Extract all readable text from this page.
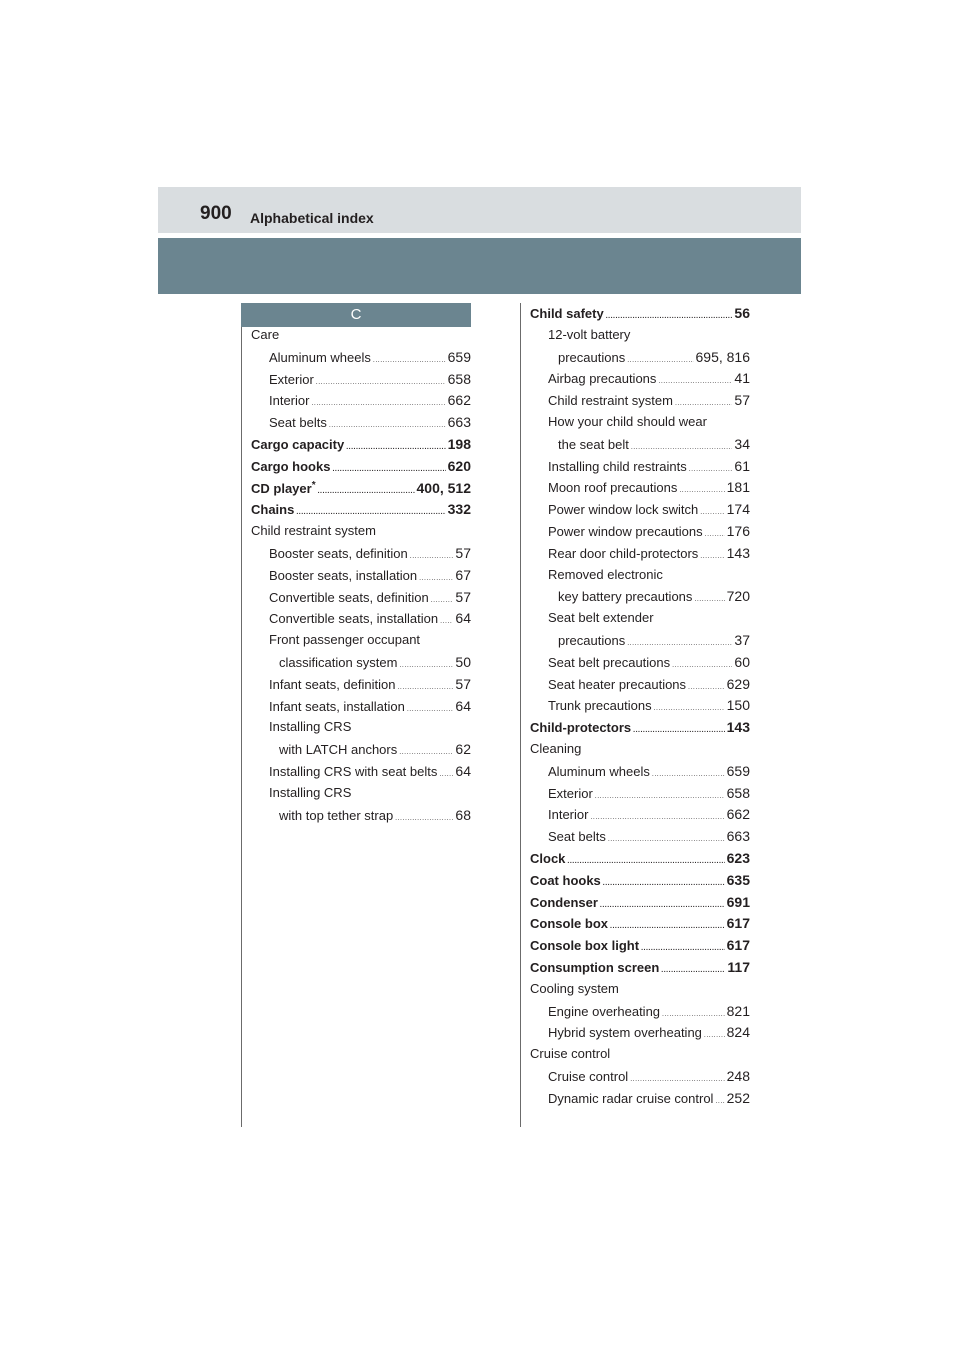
900 Alphabetical index
C
Care
Aluminum wheels .....	659
Exterior .....	658
Interior .....	662
Seat belts .....	663
Cargo capacity .....	198
Cargo hooks .....	620
CD player* .....	400, 512
Chains .....	332
Child restraint system
Booster seats, definition .....	57
Booster seats, installation .....	67
Convertible seats, definition ..... 57
Convertible seats, installation ..... 64
Front passenger occupant
classification system .....	50
Infant seats, definition .....	57
Infant seats, installation .....	64
Installing CRS
with LATCH anchors .....	62
Installing CRS with seat belts ..... 64
Installing CRS
with top tether strap .....	68
Child safety .....	56
12-volt battery
precautions .....	695, 816
Airbag precautions .....	41
Child restraint system .....	57
How your child should wear
the seat belt .....	34
Installing child restraints .....	61
Moon roof precautions .....	181
Power window lock switch ..... 174
Power window precautions ..... 176
Rear door child-protectors ..... 143
Removed electronic
key battery precautions ..... 720
Seat belt extender
precautions .....	37
Seat belt precautions .....	60
Seat heater precautions .....	629
Trunk precautions .....	150
Child-protectors .....	143
Cleaning
Aluminum wheels .....	659
Exterior .....	658
Interior .....	662
Seat belts .....	663
Clock .....	623
Coat hooks .....	635
Condenser .....	691
Console box .....	617
Console box light .....	617
Consumption screen .....	117
Cooling system
Engine overheating .....	821
Hybrid system overheating ..... 824
Cruise control
Cruise control .....	248
Dynamic radar cruise control ..... 252
